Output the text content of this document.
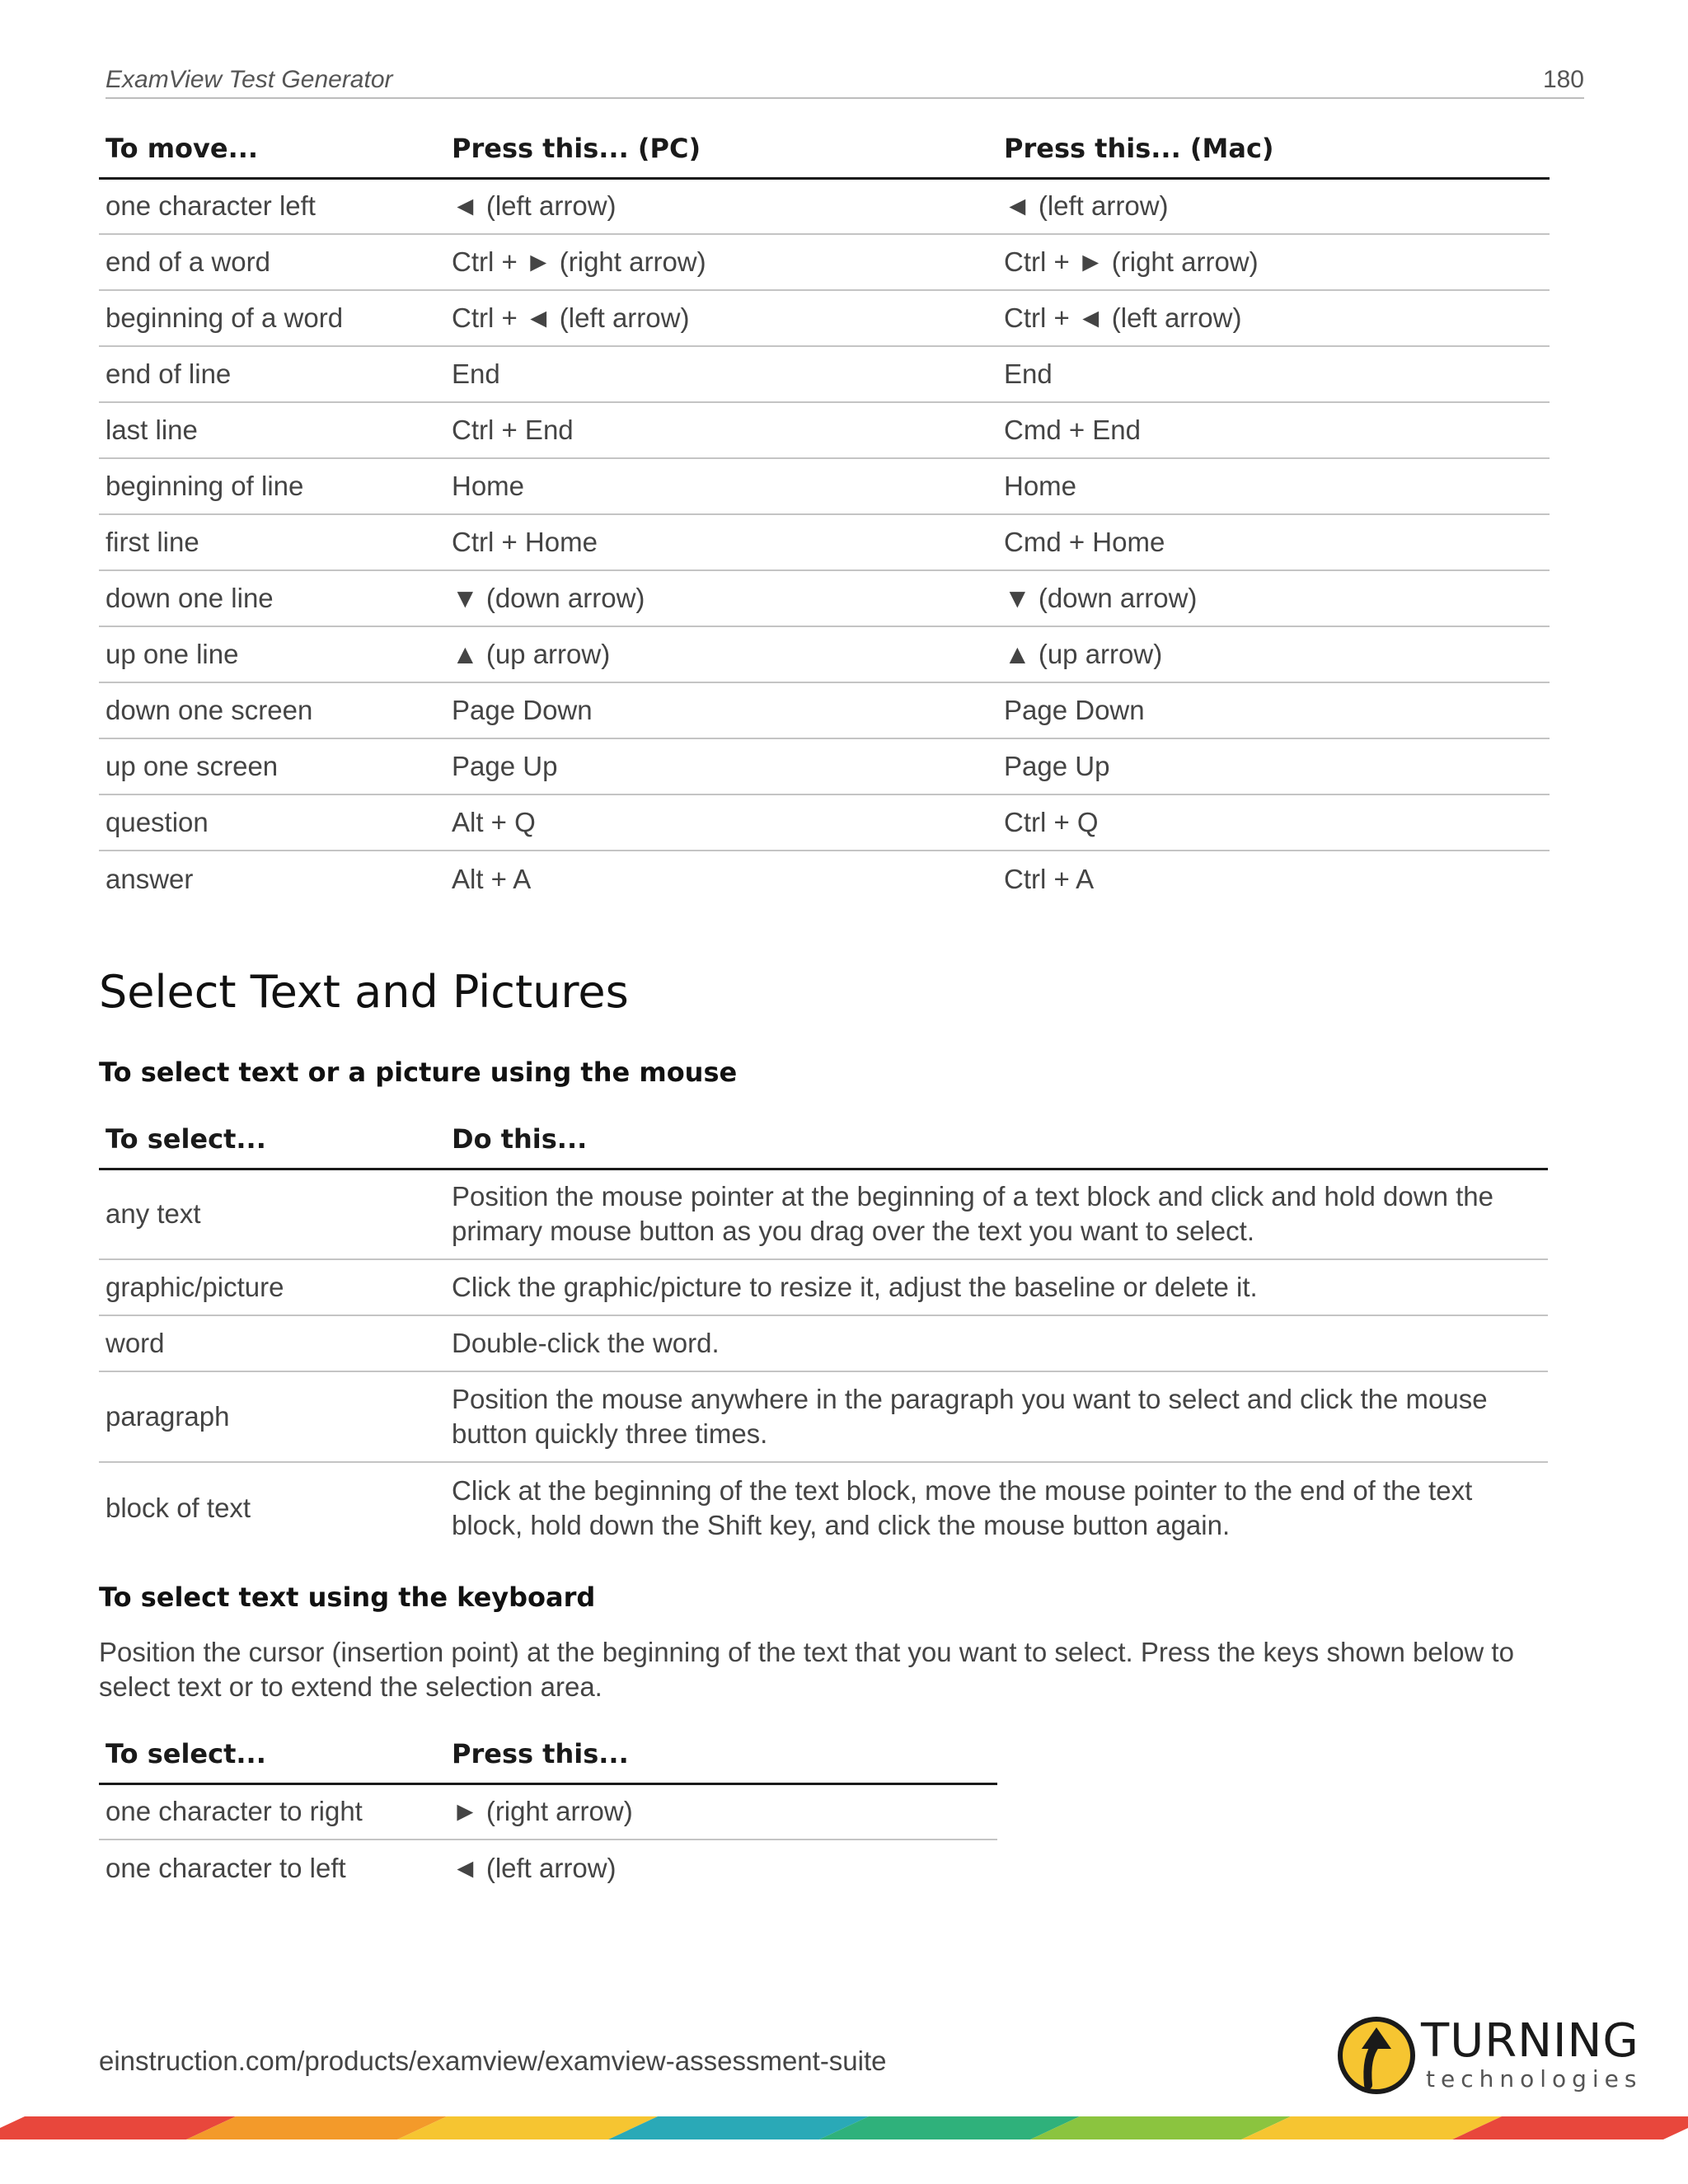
ExamView Test Generator	180
To move...	Press this... (PC)	Press this... (Mac)
one character left	◄ (left arrow)	◄ (left arrow)
end of a word	Ctrl + ► (right arrow)	Ctrl + ► (right arrow)
beginning of a word	Ctrl + ◄ (left arrow)	Ctrl + ◄ (left arrow)
end of line	End	End
last line	Ctrl + End	Cmd + End
beginning of line	Home	Home
first line	Ctrl + Home	Cmd + Home
down one line	▼ (down arrow)	▼ (down arrow)
up one line	▲ (up arrow)	▲ (up arrow)
down one screen	Page Down	Page Down
up one screen	Page Up	Page Up
question	Alt + Q	Ctrl + Q
answer	Alt + A	Ctrl + A
Select Text and Pictures
To select text or a picture using the mouse
To select...	Do this...
any text	Position the mouse pointer at the beginning of a text block and click and hold down the primary mouse button as you drag over the text you want to select.
graphic/picture	Click the graphic/picture to resize it, adjust the baseline or delete it.
word	Double-click the word.
paragraph	Position the mouse anywhere in the paragraph you want to select and click the mouse button quickly three times.
block of text	Click at the beginning of the text block, move the mouse pointer to the end of the text block, hold down the Shift key, and click the mouse button again.
To select text using the keyboard

Position the cursor (insertion point) at the beginning of the text that you want to select. Press the keys shown below to select text or to extend the selection area.

To select...	Press this...
one character to right	► (right arrow)
one character to left	◄ (left arrow)
einstruction.com/products/examview/examview-assessment-suite	TURNING
technologies
